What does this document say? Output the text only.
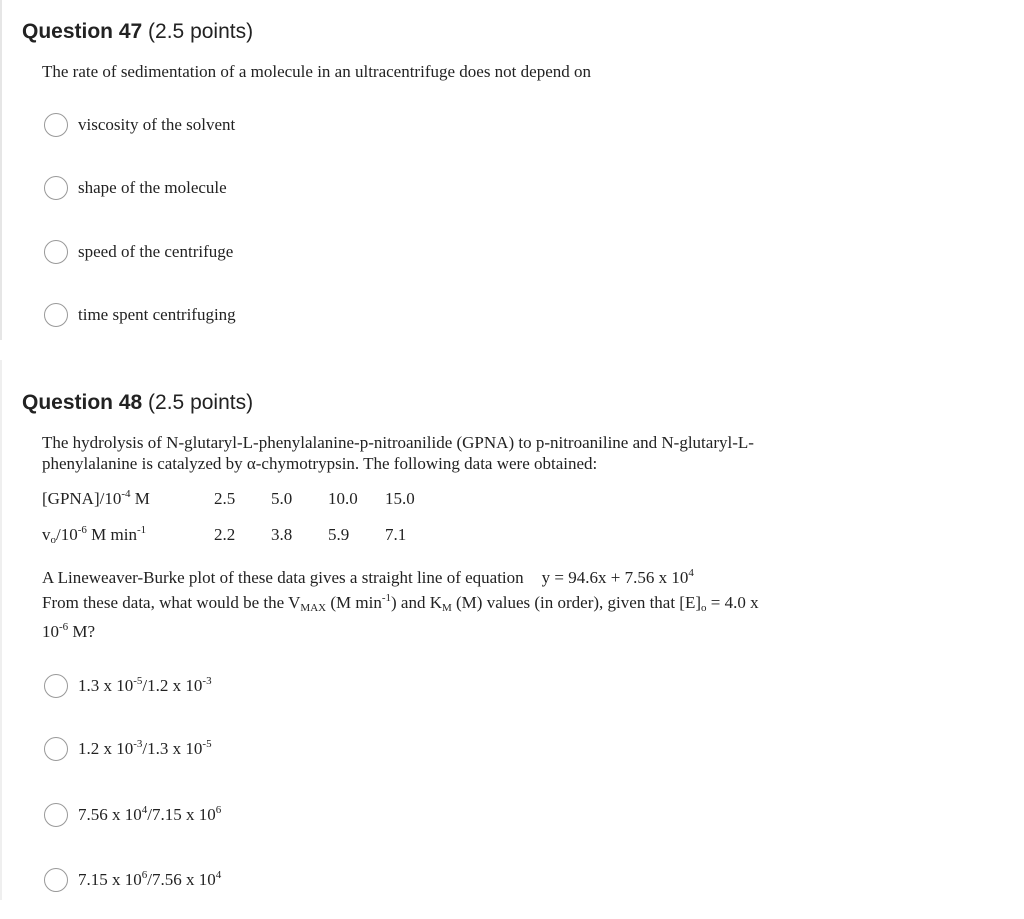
Question 47 (2.5 points)
The rate of sedimentation of a molecule in an ultracentrifuge does not depend on
viscosity of the solvent
shape of the molecule
speed of the centrifuge
time spent centrifuging
Question 48 (2.5 points)
The hydrolysis of N-glutaryl-L-phenylalanine-p-nitroanilide (GPNA) to p-nitroaniline and N-glutaryl-L-
phenylalanine is catalyzed by α-chymotrypsin. The following data were obtained:
$[GPNA]/10^{-4}$ M	2.5 5.0 10.0 15.0
$v_o/10^{-6}$ M $\min^{-1}$	2.2 3.8 5.9 7.1
A Lineweaver-Burke plot of these data gives a straight line of equation y = 94.6x + 7.56 x $10^4$
From these data, what would be the $V_{MAX}$ (M $\min^{-1}$) and $K_M$ (M) values (in order), given that $[E]_o = 4.0$ x
$10^{-6}$ M?
1.3 x $10^{-5}/1.2$ x $10^{-3}$
1.2 x $10^{-3}/1.3$ x $10^{-5}$
7.56 x $10^4/7.15$ x $10^6$
7.15 x $10^6/7.56$ x $10^4$
